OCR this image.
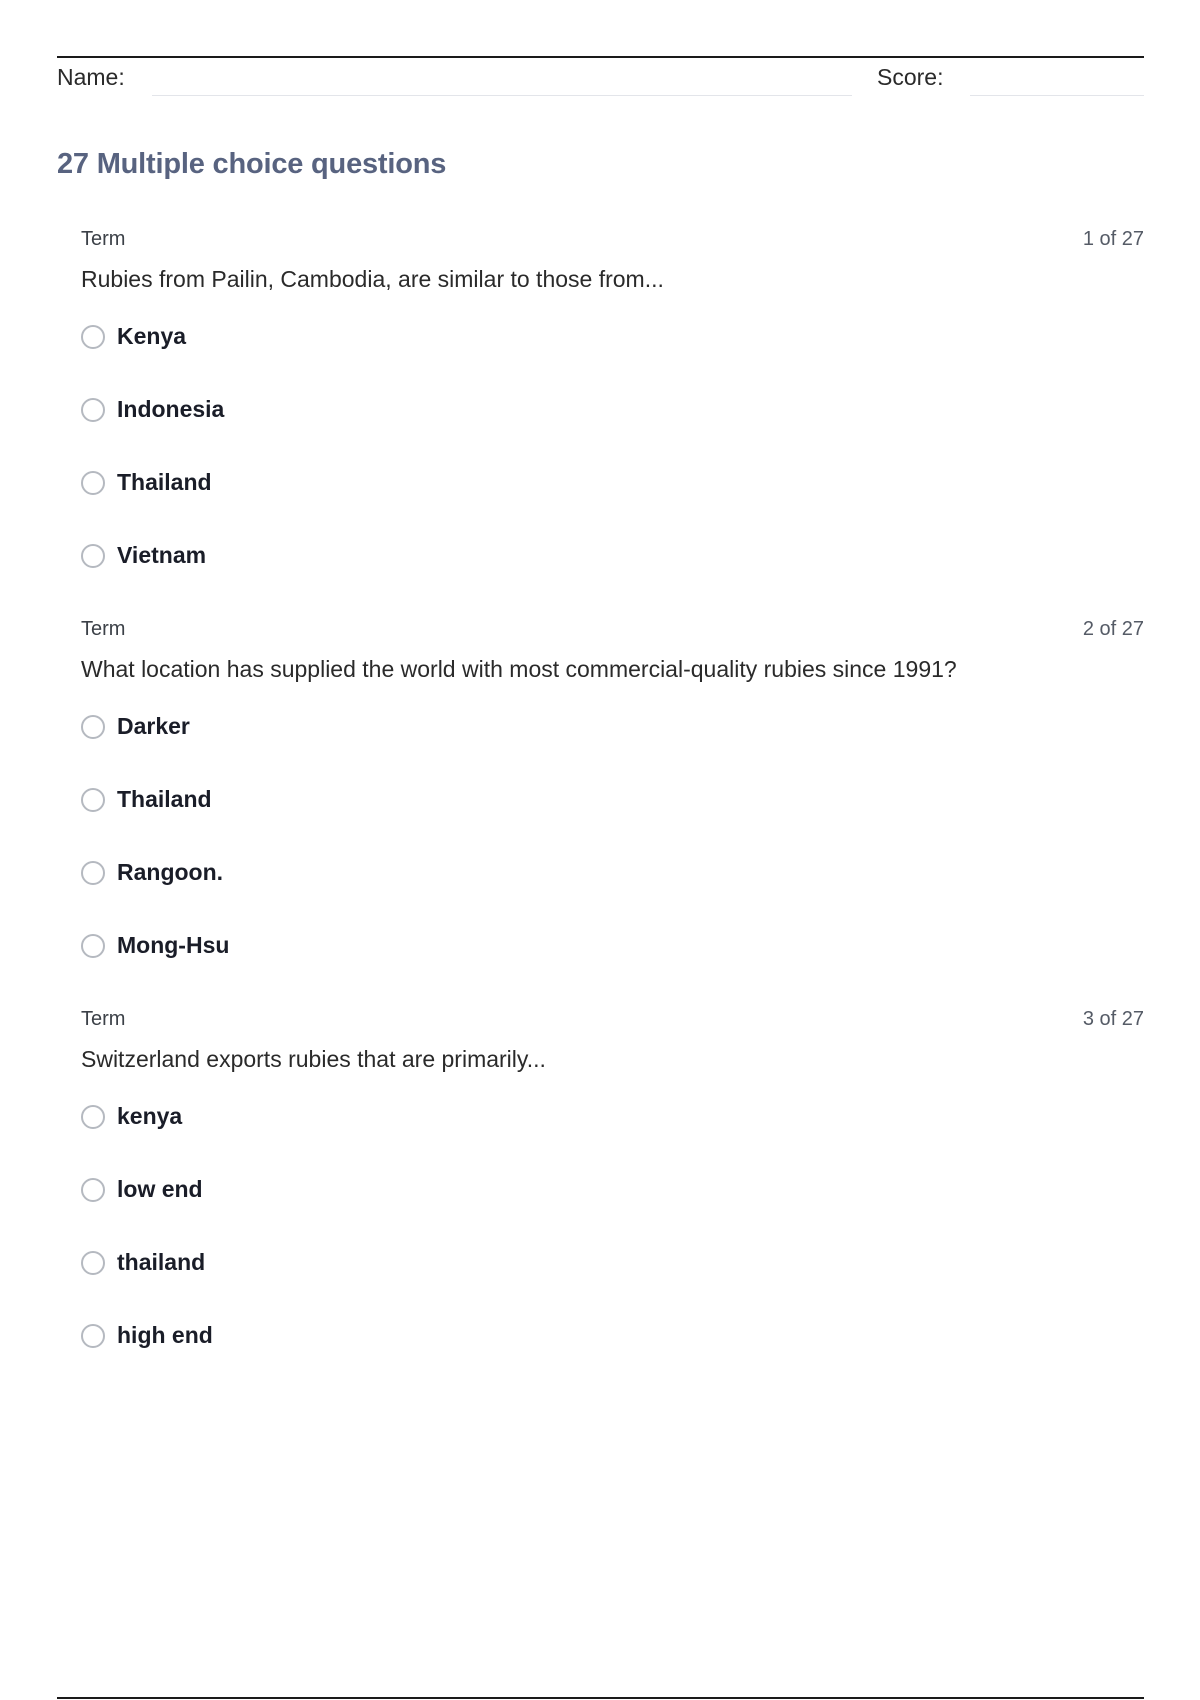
Name:	Score:
27 Multiple choice questions
Term	1 of 27
Rubies from Pailin, Cambodia, are similar to those from...
Kenya
Indonesia
Thailand
Vietnam
Term	2 of 27
What location has supplied the world with most commercial-quality rubies since 1991?
Darker
Thailand
Rangoon.
Mong-Hsu
Term	3 of 27
Switzerland exports rubies that are primarily...
kenya
low end
thailand
high end
